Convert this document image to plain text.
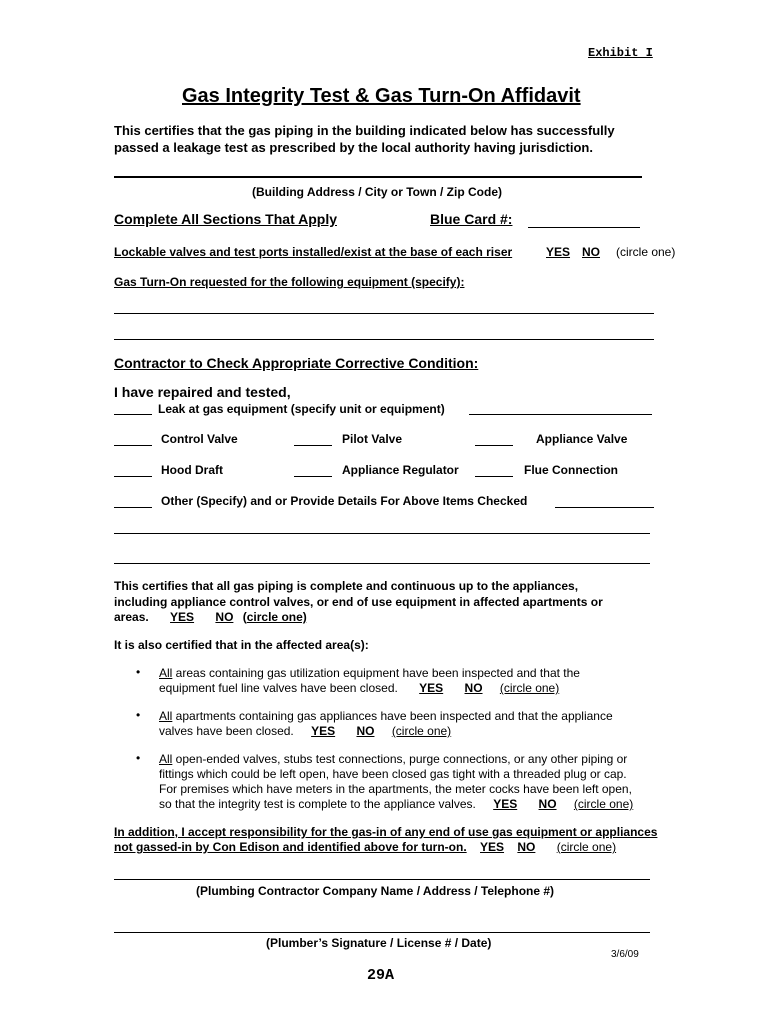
Exhibit I
Gas Integrity Test & Gas Turn-On Affidavit
This certifies that the gas piping in the building indicated below has successfully
passed a leakage test as prescribed by the local authority having jurisdiction.
(Building Address / City or Town / Zip Code)
Complete All Sections That Apply	Blue Card #:
Lockable valves and test ports installed/exist at the base of each riser	YES NO (circle one)
Gas Turn-On requested for the following equipment (specify):
Contractor to Check Appropriate Corrective Condition:
I have repaired and tested,
Leak at gas equipment (specify unit or equipment)
Control Valve	Pilot Valve	Appliance Valve
Hood Draft	Appliance Regulator	Flue Connection
Other (Specify) and or Provide Details For Above Items Checked
This certifies that all gas piping is complete and continuous up to the appliances,
including appliance control valves, or end of use equipment in affected apartments or
areas. YES NO (circle one)
It is also certified that in the affected area(s):
• All areas containing gas utilization equipment have been inspected and that the
equipment fuel line valves have been closed. YES NO (circle one)
• All apartments containing gas appliances have been inspected and that the appliance
valves have been closed. YES NO (circle one)
• All open-ended valves, stubs test connections, purge connections, or any other piping or
fittings which could be left open, have been closed gas tight with a threaded plug or cap.
For premises which have meters in the apartments, the meter cocks have been left open,
so that the integrity test is complete to the appliance valves. YES NO (circle one)
In addition, I accept responsibility for the gas-in of any end of use gas equipment or appliances
not gassed-in by Con Edison and identified above for turn-on. YES NO (circle one)
(Plumbing Contractor Company Name / Address / Telephone #)
(Plumber’s Signature / License # / Date)
3/6/09
29A
